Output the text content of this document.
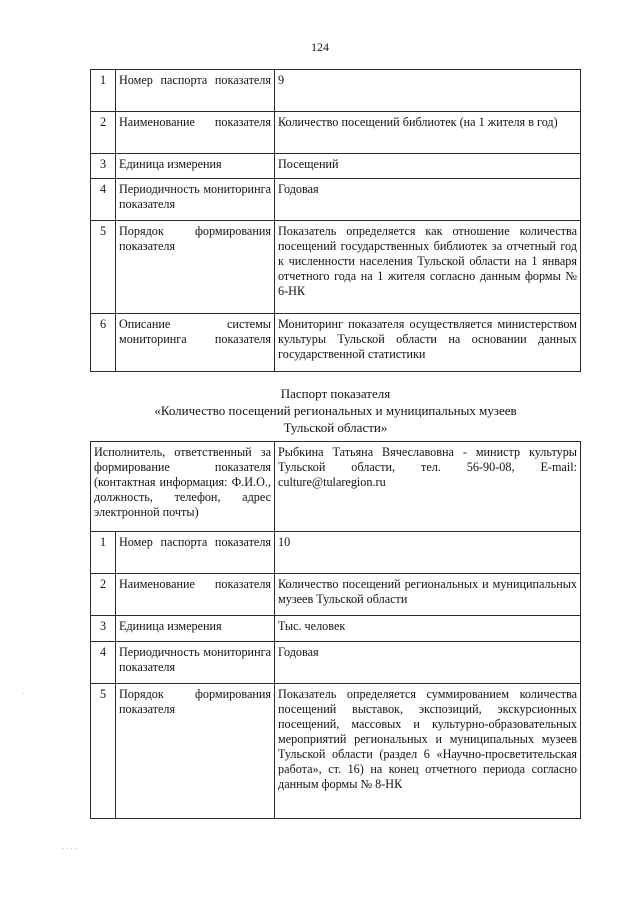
124
1	Номер паспорта показателя	9
2	Наименование показателя	Количество посещений библиотек (на 1 жителя в год)
3	Единица измерения	Посещений
4	Периодичность мониторинга показателя	Годовая
5	Порядок формирования показателя	Показатель определяется как отношение количества посещений государственных библиотек за отчетный год к численности населения Тульской области на 1 января отчетного года на 1 жителя согласно данным формы № 6-НК
6	Описание системы мониторинга показателя	Мониторинг показателя осуществляется министерством культуры Тульской области на основании данных государственной статистики
Паспорт показателя
«Количество посещений региональных и муниципальных музеев
Тульской области»
Исполнитель, ответственный за формирование показателя (контактная информация: Ф.И.О., должность, телефон, адрес электронной почты)		Рыбкина Татьяна Вячеславовна - министр культуры Тульской области, тел. 56-90-08, E-mail: culture@tularegion.ru
1	Номер паспорта показателя	10
2	Наименование показателя	Количество посещений региональных и муниципальных музеев Тульской области
3	Единица измерения	Тыс. человек
4	Периодичность мониторинга показателя	Годовая
5	Порядок формирования показателя	Показатель определяется суммированием количества посещений выставок, экспозиций, экскурсионных посещений, массовых и культурно-образовательных мероприятий региональных и муниципальных музеев Тульской области (раздел 6 «Научно-просветительская работа», ст. 16) на конец отчетного периода согласно данным формы № 8-НК
·
· · · ·
